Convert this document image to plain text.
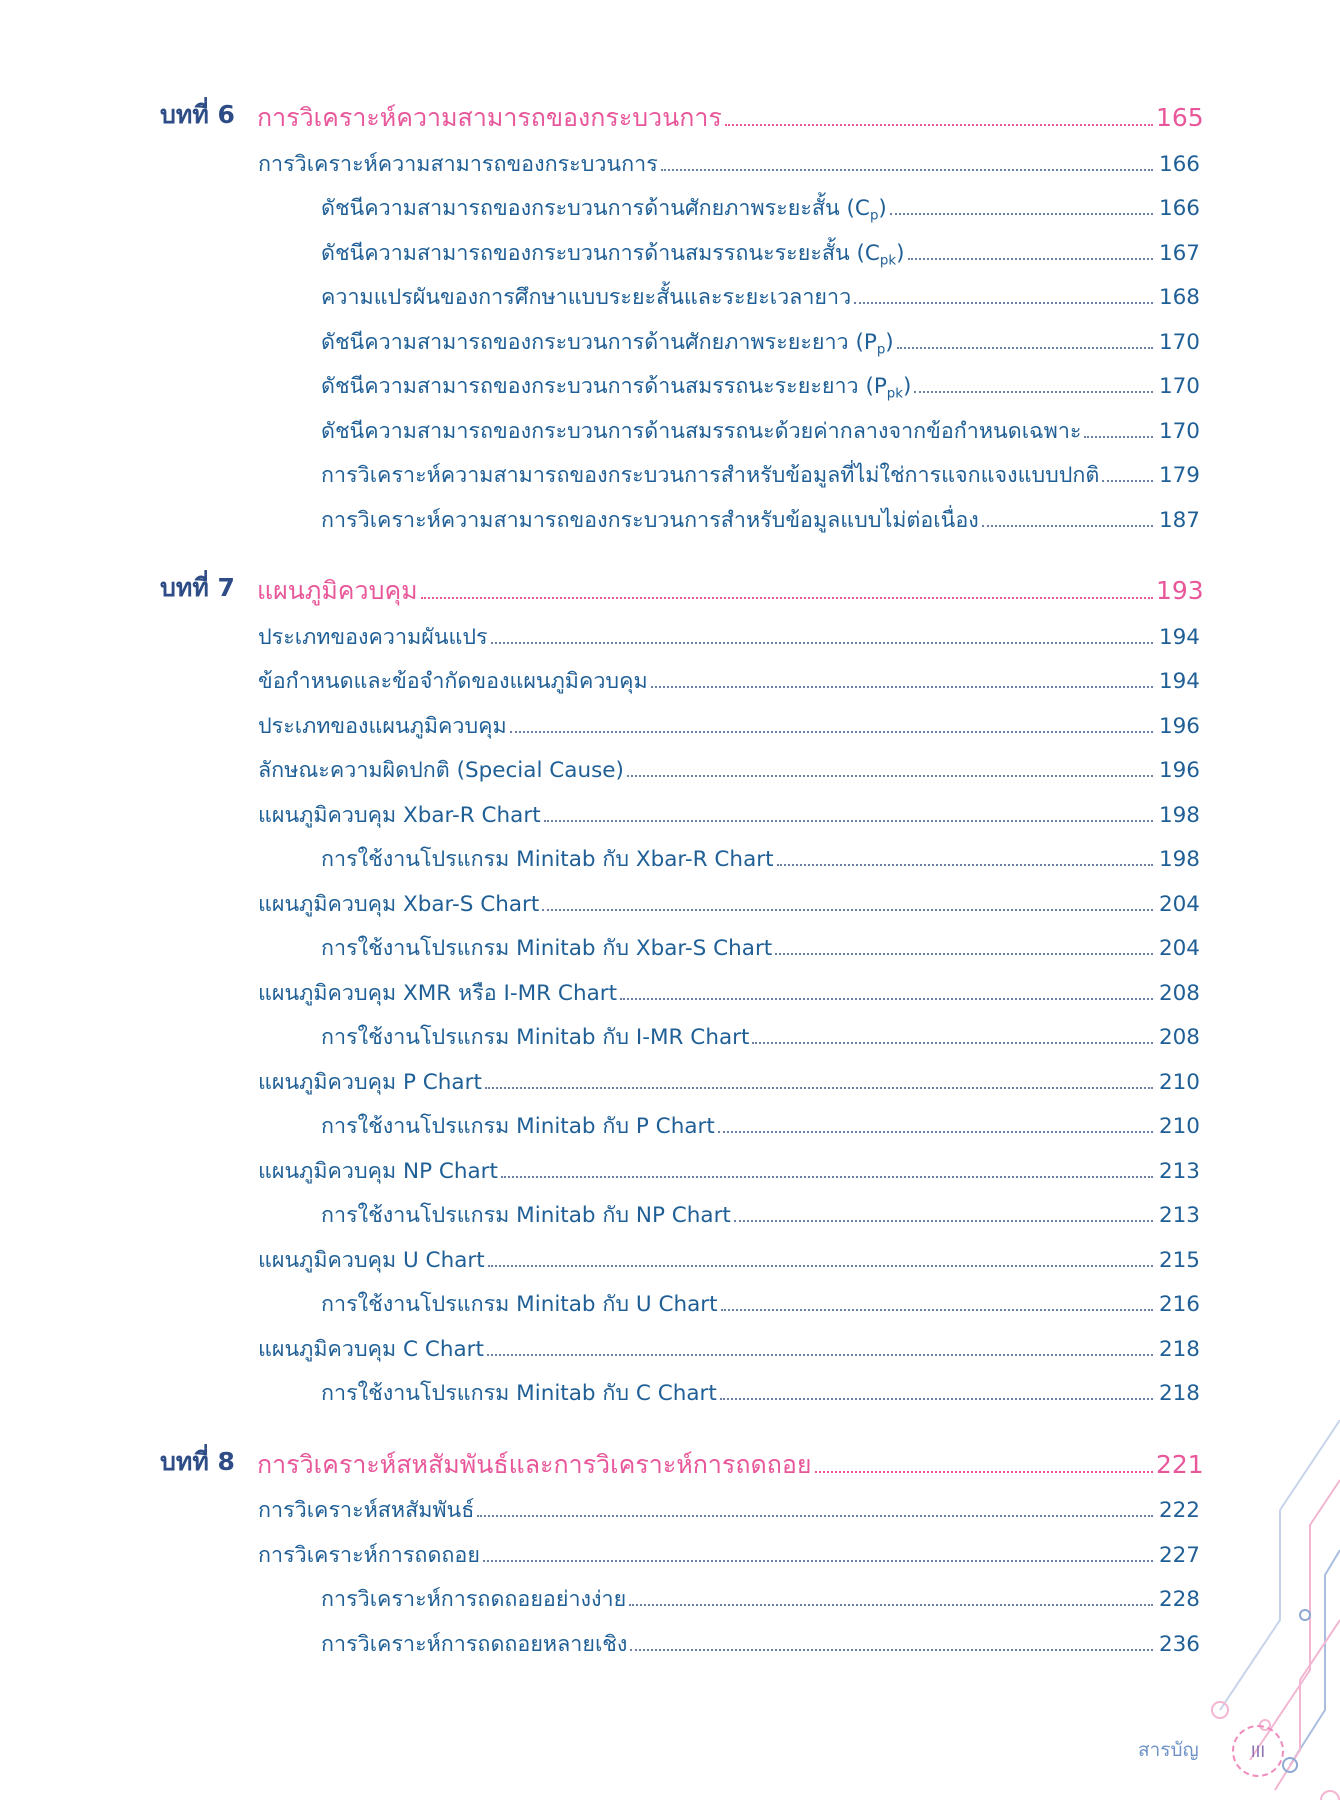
บทที่ 6 การวิเคราะห์ความสามารถของกระบวนการ	165
การวิเคราะห์ความสามารถของกระบวนการ	166
ดัชนีความสามารถของกระบวนการด้านศักยภาพระยะสั้น $(C_p)$	166
ดัชนีความสามารถของกระบวนการด้านสมรรถนะระยะสั้น $(C_{pk})$	167
ความแปรผันของการศึกษาแบบระยะสั้นและระยะเวลายาว	168
ดัชนีความสามารถของกระบวนการด้านศักยภาพระยะยาว $(P_p)$	170
ดัชนีความสามารถของกระบวนการด้านสมรรถนะระยะยาว $(P_{pk})$	170
ดัชนีความสามารถของกระบวนการด้านสมรรถนะด้วยค่ากลางจากข้อกำหนดเฉพาะ	170
การวิเคราะห์ความสามารถของกระบวนการสำหรับข้อมูลที่ไม่ใช่การแจกแจงแบบปกติ	179
การวิเคราะห์ความสามารถของกระบวนการสำหรับข้อมูลแบบไม่ต่อเนื่อง	187
บทที่ 7 แผนภูมิควบคุม	193
ประเภทของความผันแปร	194
ข้อกำหนดและข้อจำกัดของแผนภูมิควบคุม	194
ประเภทของแผนภูมิควบคุม	196
ลักษณะความผิดปกติ (Special Cause)	196
แผนภูมิควบคุม Xbar-R Chart	198
การใช้งานโปรแกรม Minitab กับ Xbar-R Chart	198
แผนภูมิควบคุม Xbar-S Chart	204
การใช้งานโปรแกรม Minitab กับ Xbar-S Chart	204
แผนภูมิควบคุม XMR หรือ I-MR Chart	208
การใช้งานโปรแกรม Minitab กับ I-MR Chart	208
แผนภูมิควบคุม P Chart	210
การใช้งานโปรแกรม Minitab กับ P Chart	210
แผนภูมิควบคุม NP Chart	213
การใช้งานโปรแกรม Minitab กับ NP Chart	213
แผนภูมิควบคุม U Chart	215
การใช้งานโปรแกรม Minitab กับ U Chart	216
แผนภูมิควบคุม C Chart	218
การใช้งานโปรแกรม Minitab กับ C Chart	218
บทที่ 8 การวิเคราะห์สหสัมพันธ์และการวิเคราะห์การถดถอย	221
การวิเคราะห์สหสัมพันธ์	222
การวิเคราะห์การถดถอย	227
การวิเคราะห์การถดถอยอย่างง่าย	228
การวิเคราะห์การถดถอยหลายเชิง	236
สารบัญ	III
